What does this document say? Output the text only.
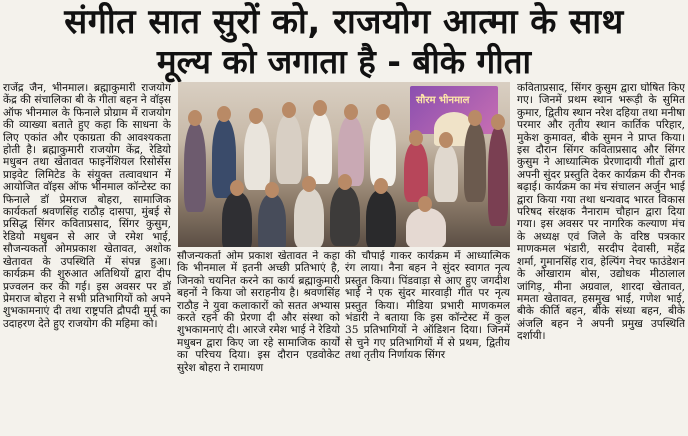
संगीत सात सुरों को, राजयोग आत्मा के साथ
मूल्य को जगाता है - बीके गीता

राजेंद्र जैन, भीनमाल। ब्रह्माकुमारी राजयोग केंद्र की संचालिका बी के गीता बहन ने वॉइस ऑफ भीनमाल के फिनाले प्रोग्राम में राजयोग की व्याख्या बताते हुए कहा कि साधना के लिए एकांत और एकाग्रता की आवश्यकता होती है। ब्रह्माकुमारी राजयोग केंद्र, रेडियो मधुबन तथा खेतावत फाइनेंशियल रिसोर्सेस प्राइवेट लिमिटेड के संयुक्त तत्वावधान में आयोजित वॉइस ऑफ भीनमाल कॉन्टेस्ट का फिनाले डॉ प्रेमराज बोहरा, सामाजिक कार्यकर्ता श्रवणसिंह राठौड़ दासपा, मुंबई से प्रसिद्ध सिंगर कविताप्रसाद, सिंगर कुसुम, रेडियो मधुबन से आर जे रमेश भाई, सौजन्यकर्ता ओमप्रकाश खेतावत, अशोक खेतावत के उपस्थिति में संपन्न हुआ। कार्यक्रम की शुरुआत अतिथियों द्वारा दीप प्रज्वलन कर की गई। इस अवसर पर डॉ प्रेमराज बोहरा ने सभी प्रतिभागियों को अपने शुभकामनाएं दी तथा राष्ट्रपति द्रौपदी मुर्मू का उदाहरण देते हुए राजयोग की महिमा को।

सौरम भीनमाल

सौजन्यकर्ता ओम प्रकाश खेतावत ने कहा कि भीनमाल में इतनी अच्छी प्रतिभाएं है, जिनको चयनित करने का कार्य ब्रह्माकुमारी बहनों ने किया जो सराहनीय है। श्रवणसिंह राठौड़ ने युवा कलाकारों को सतत अभ्यास करते रहने की प्रेरणा दी और संस्था को शुभकामनाएं दी। आरजे रमेश भाई ने रेडियो मधुबन द्वारा किए जा रहे सामाजिक कार्यों का परिचय दिया। इस दौरान एडवोकेट सुरेश बोहरा ने रामायण

की चौपाई गाकर कार्यक्रम में आध्यात्मिक रंग लाया। नैना बहन ने सुंदर स्वागत नृत्य प्रस्तुत किया। पिंडवाड़ा से आए हुए जगदीश भाई ने एक सुंदर मारवाड़ी गीत पर नृत्य प्रस्तुत किया। मीडिया प्रभारी माणकमल भंडारी ने बताया कि इस कॉन्टेस्ट में कुल 35 प्रतिभागियों ने ऑडिशन दिया। जिनमें से चुने गए प्रतिभागियों में से प्रथम, द्वितीय तथा तृतीय निर्णायक सिंगर

कविताप्रसाद, सिंगर कुसुम द्वारा घोषित किए गए। जिनमें प्रथम स्थान भरूड़ी के सुमित कुमार, द्वितीय स्थान नरेश दहिया तथा मनीषा परमार और तृतीय स्थान कार्तिक परिहार, मुकेश कुमावत, बीके सुमन ने प्राप्त किया। इस दौरान सिंगर कविताप्रसाद और सिंगर कुसुम ने आध्यात्मिक प्रेरणादायी गीतों द्वारा अपनी सुंदर प्रस्तुति देकर कार्यक्रम की रौनक बढ़ाई। कार्यक्रम का मंच संचालन अर्जुन भाई द्वारा किया गया तथा धन्यवाद भारत विकास परिषद संरक्षक नैनाराम चौहान द्वारा दिया गया। इस अवसर पर नागरिक कल्याण मंच के अध्यक्ष एवं जिले के वरिष्ठ पत्रकार माणकमल भंडारी, सरदीप देवासी, महेंद्र शर्मा, गुमानसिंह राव, हेल्पिंग नेचर फाउंडेशन के ओखाराम बोस, उद्योधक मीठालाल जांगिड़, मीना अग्रवाल, शारदा खेतावत, ममता खेतावत, हसमुख भाई, गणेश भाई, बीके कीर्ति बहन, बीके संध्या बहन, बीके अंजलि बहन ने अपनी प्रमुख उपस्थिति दर्शायी।
